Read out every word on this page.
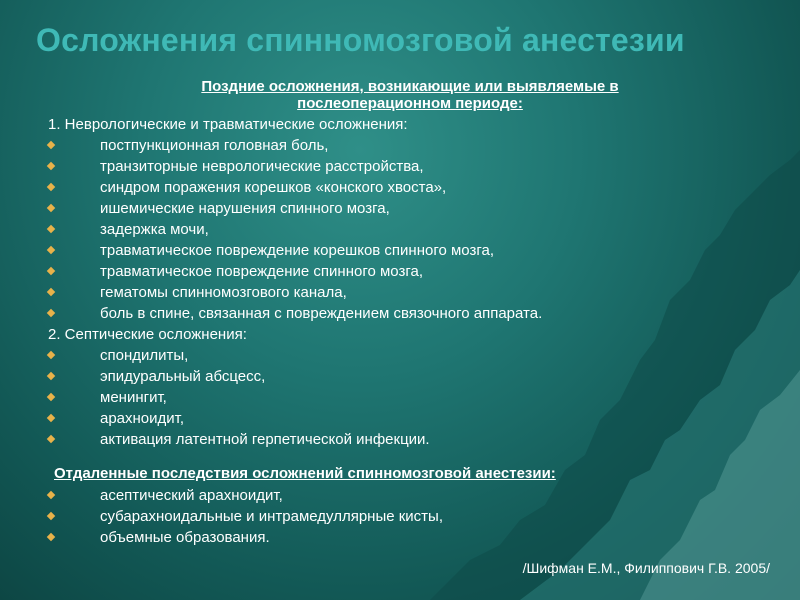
Осложнения спинномозговой анестезии
Поздние осложнения, возникающие или выявляемые в
послеоперационном периоде:
1. Неврологические и травматические осложнения:
постпункционная головная боль,
транзиторные неврологические расстройства,
синдром поражения корешков «конского хвоста»,
ишемические нарушения спинного мозга,
задержка мочи,
травматическое повреждение корешков спинного мозга,
травматическое повреждение спинного мозга,
гематомы спинномозгового канала,
боль в спине, связанная с повреждением связочного аппарата.
2. Септические осложнения:
спондилиты,
эпидуральный абсцесс,
менингит,
арахноидит,
активация латентной герпетической инфекции.
Отдаленные последствия осложнений спинномозговой анестезии:
асептический арахноидит,
субарахноидальные и интрамедуллярные кисты,
объемные образования.
/Шифман Е.М., Филиппович Г.В. 2005/
